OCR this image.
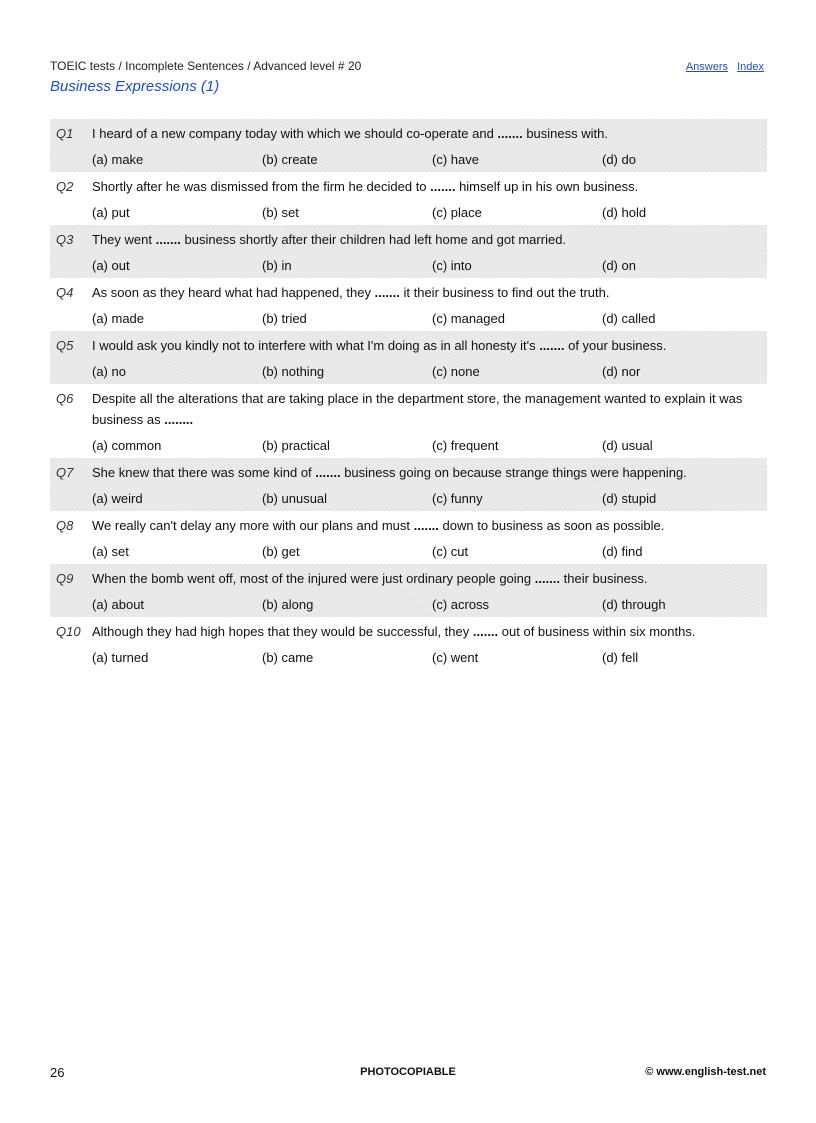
TOEIC tests / Incomplete Sentences / Advanced level # 20	Answers Index
Business Expressions (1)
Q1	I heard of a new company today with which we should co-operate and ....... business with.
(a) make	(b) create	(c) have	(d) do
Q2	Shortly after he was dismissed from the firm he decided to ....... himself up in his own business.
(a) put	(b) set	(c) place	(d) hold
Q3	They went ....... business shortly after their children had left home and got married.
(a) out	(b) in	(c) into	(d) on
Q4	As soon as they heard what had happened, they ....... it their business to find out the truth.
(a) made	(b) tried	(c) managed	(d) called
Q5	I would ask you kindly not to interfere with what I'm doing as in all honesty it's ....... of your business.
(a) no	(b) nothing	(c) none	(d) nor
Q6	Despite all the alterations that are taking place in the department store, the management wanted to explain it was business as ........
(a) common	(b) practical	(c) frequent	(d) usual
Q7	She knew that there was some kind of ....... business going on because strange things were happening.
(a) weird	(b) unusual	(c) funny	(d) stupid
Q8	We really can't delay any more with our plans and must ....... down to business as soon as possible.
(a) set	(b) get	(c) cut	(d) find
Q9	When the bomb went off, most of the injured were just ordinary people going ....... their business.
(a) about	(b) along	(c) across	(d) through
Q10 Although they had high hopes that they would be successful, they ....... out of business within six months.
(a) turned	(b) came	(c) went	(d) fell
26	PHOTOCOPIABLE	© www.english-test.net
